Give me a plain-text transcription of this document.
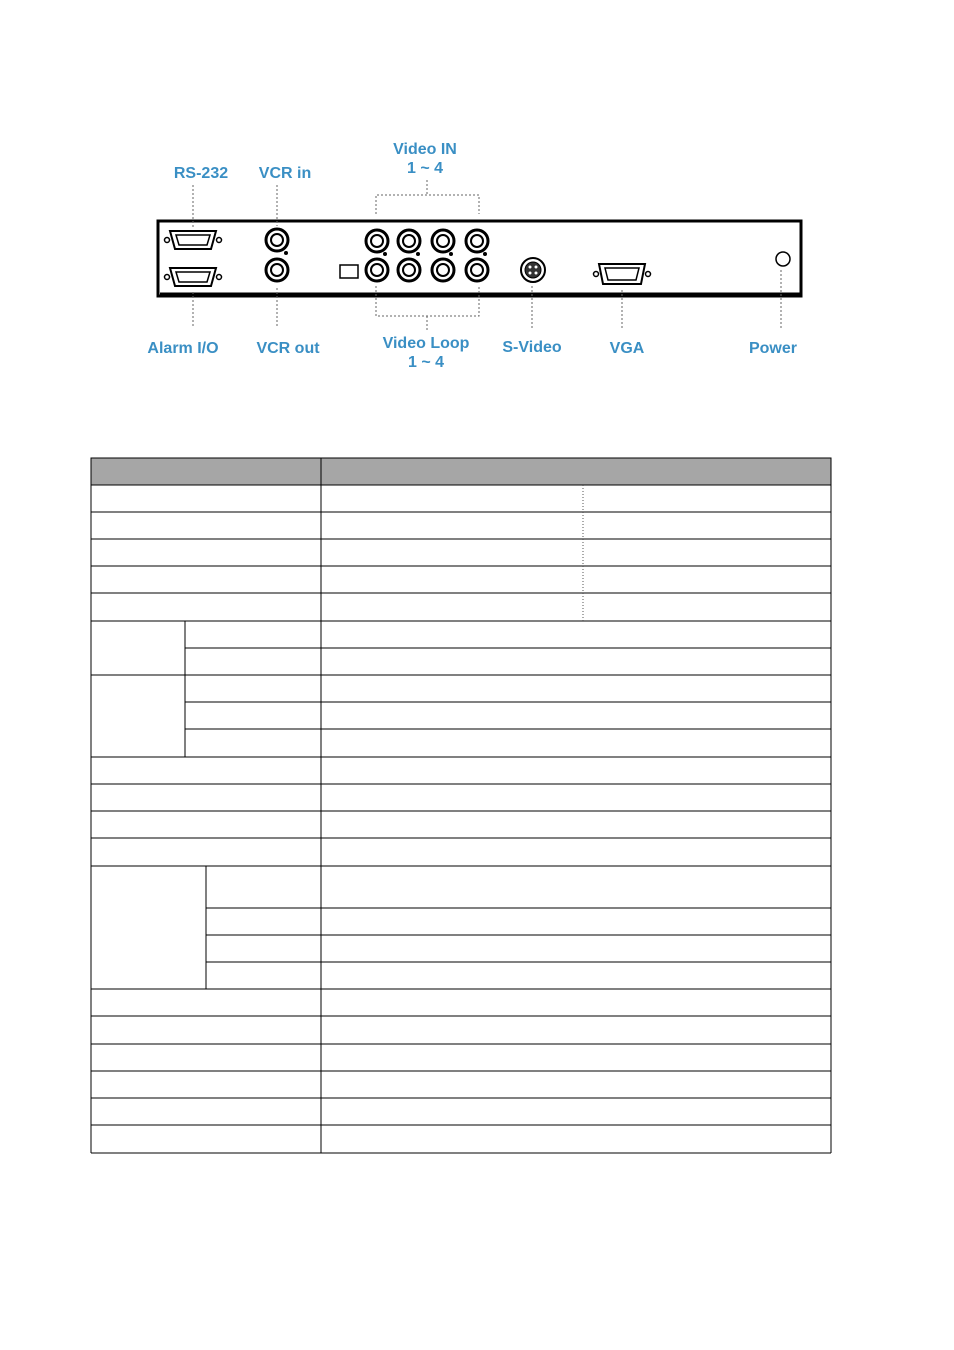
RS-232	VCR in
Video IN
1 ~ 4
Alarm I/O	VCR out	Video Loop
1 ~ 4
S-Video	VGA	Power
